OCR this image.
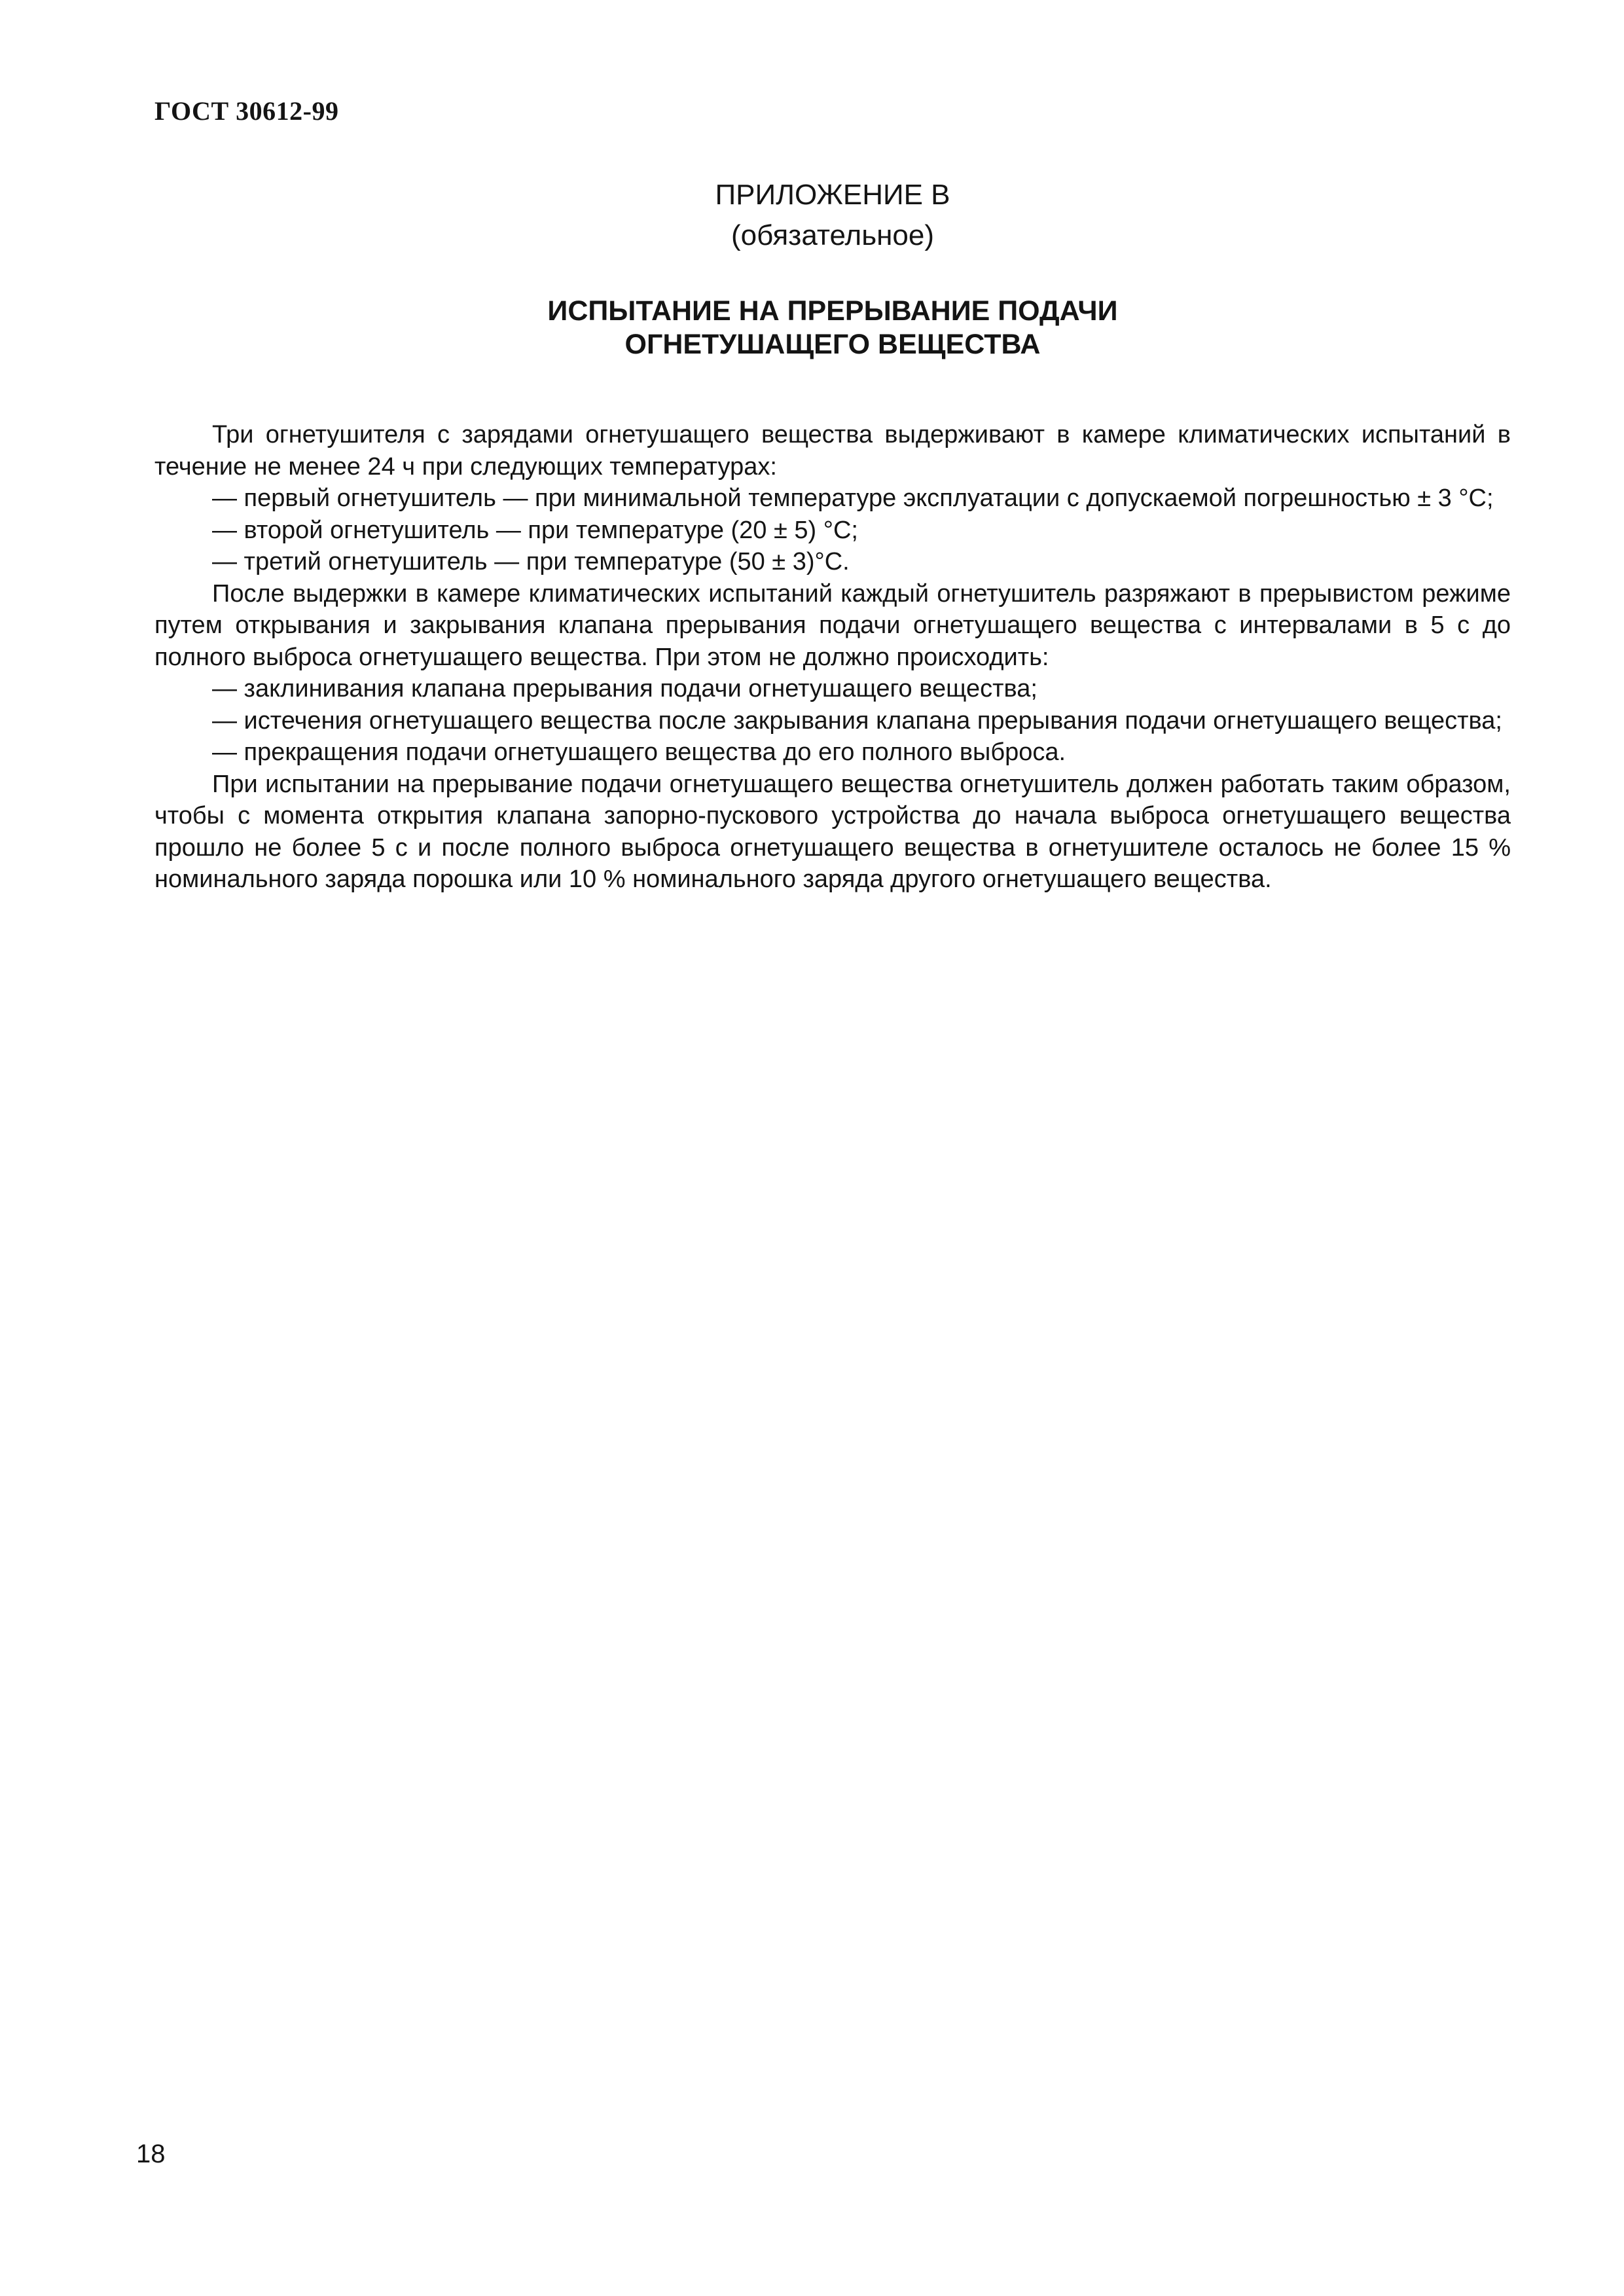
ГОСТ 30612-99
ПРИЛОЖЕНИЕ В
(обязательное)
ИСПЫТАНИЕ НА ПРЕРЫВАНИЕ ПОДАЧИ
ОГНЕТУШАЩЕГО ВЕЩЕСТВА

Три огнетушителя с зарядами огнетушащего вещества выдерживают в камере климатических испытаний в течение не менее 24 ч при следующих температурах:

— первый огнетушитель — при минимальной температуре эксплуатации с допускаемой погрешностью ± 3 °С;

— второй огнетушитель — при температуре (20 ± 5) °С;

— третий огнетушитель — при температуре (50 ± 3)°С.

После выдержки в камере климатических испытаний каждый огнетушитель разряжают в прерывистом режиме путем открывания и закрывания клапана прерывания подачи огнетушащего вещества с интервалами в 5 с до полного выброса огнетушащего вещества. При этом не должно происходить:

— заклинивания клапана прерывания подачи огнетушащего вещества;

— истечения огнетушащего вещества после закрывания клапана прерывания подачи огнетушащего вещества;

— прекращения подачи огнетушащего вещества до его полного выброса.

При испытании на прерывание подачи огнетушащего вещества огнетушитель должен работать таким образом, чтобы с момента открытия клапана запорно-пускового устройства до начала выброса огнетушащего вещества прошло не более 5 с и после полного выброса огнетушащего вещества в огнетушителе осталось не более 15 % номинального заряда порошка или 10 % номинального заряда другого огнетушащего вещества.

18
